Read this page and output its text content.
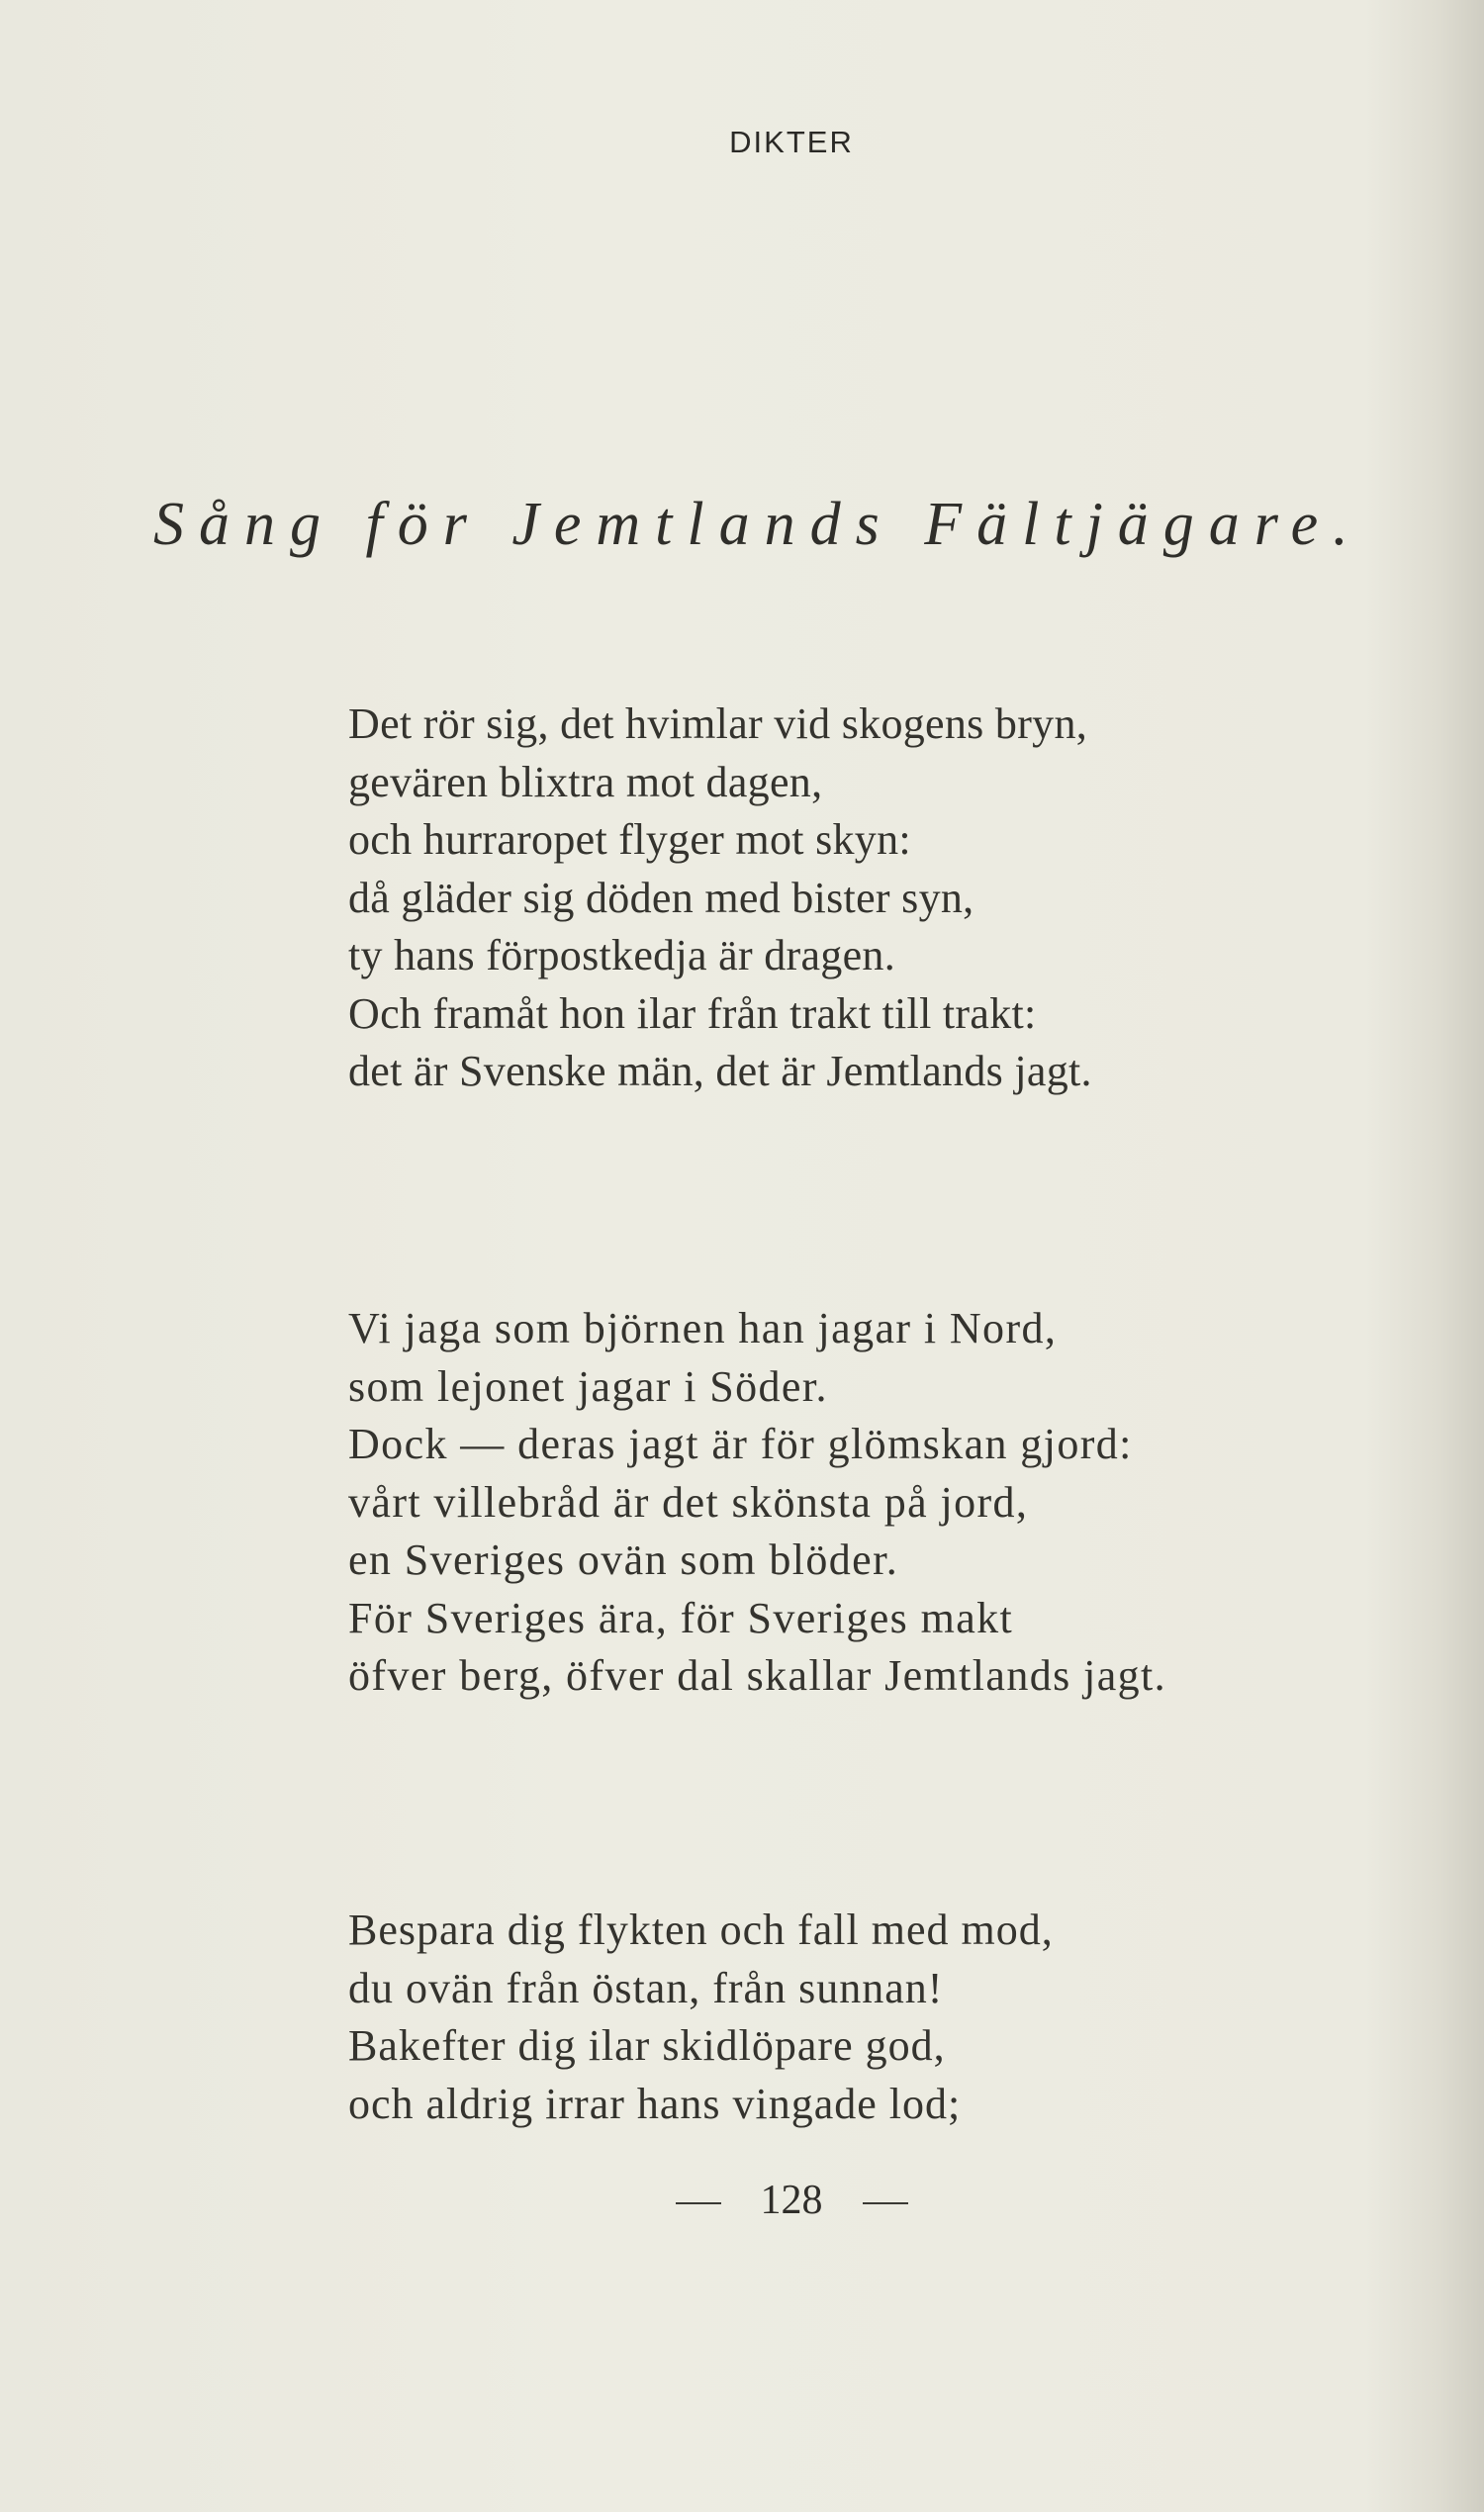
DIKTER
Sång för Jemtlands Fältjägare.
Det rör sig, det hvimlar vid skogens bryn,
gevären blixtra mot dagen,
och hurraropet flyger mot skyn:
då gläder sig döden med bister syn,
ty hans förpostkedja är dragen.
Och framåt hon ilar från trakt till trakt:
det är Svenske män, det är Jemtlands jagt.
Vi jaga som björnen han jagar i Nord,
som lejonet jagar i Söder.
Dock — deras jagt är för glömskan gjord:
vårt villebråd är det skönsta på jord,
en Sveriges ovän som blöder.
För Sveriges ära, för Sveriges makt
öfver berg, öfver dal skallar Jemtlands jagt.
Bespara dig flykten och fall med mod,
du ovän från östan, från sunnan!
Bakefter dig ilar skidlöpare god,
och aldrig irrar hans vingade lod;
128
